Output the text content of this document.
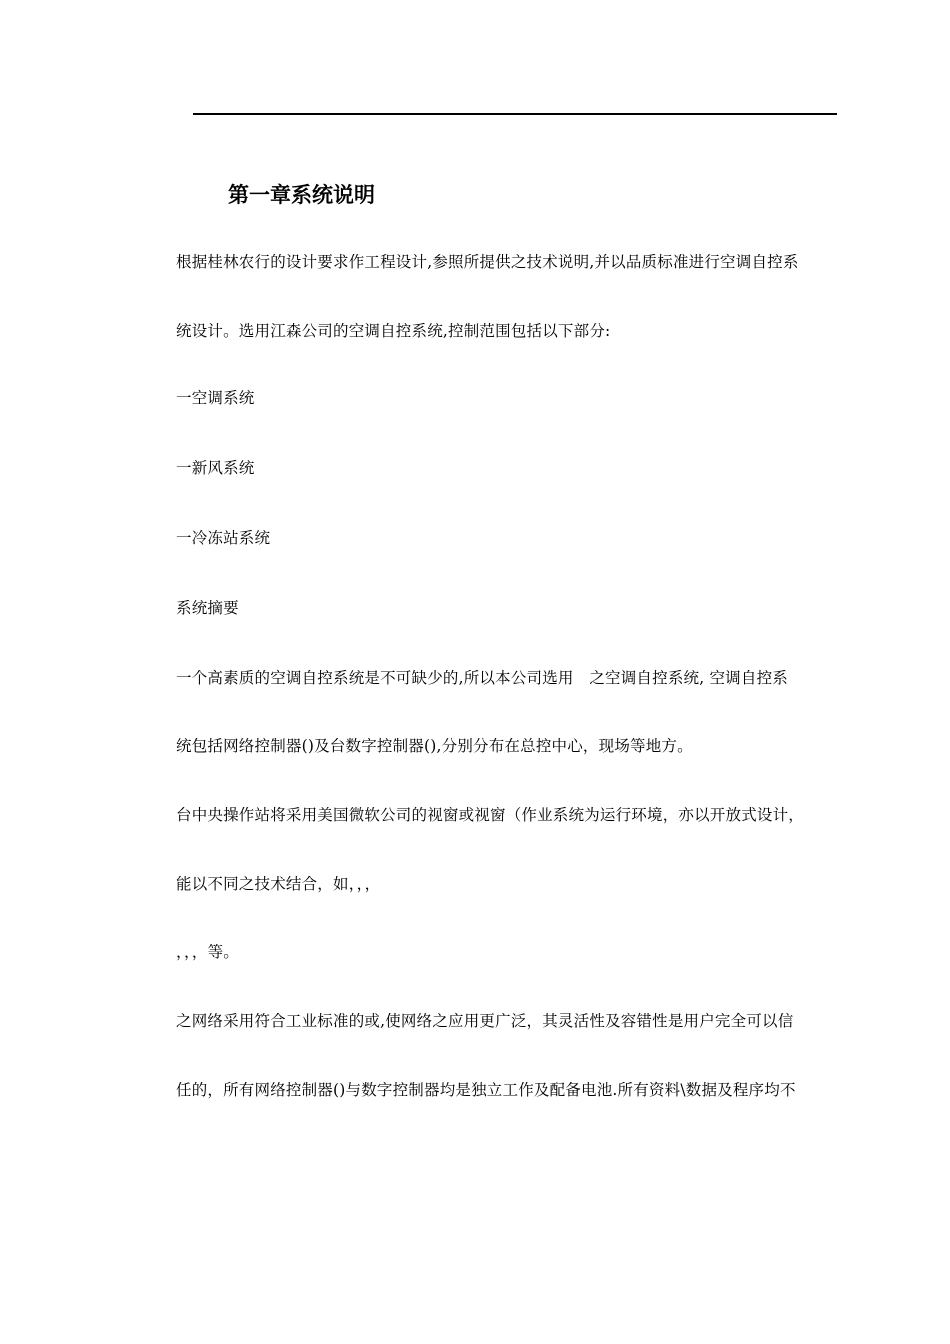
第一章系统说明
根据桂林农行的设计要求作工程设计,参照所提供之技术说明,并以品质标准进行空调自控系
统设计。选用江森公司的空调自控系统,控制范围包括以下部分:
一空调系统
一新风系统
一冷冻站系统
系统摘要
一个高素质的空调自控系统是不可缺少的,所以本公司选用　之空调自控系统, 空调自控系
统包括网络控制器()及台数字控制器(),分别分布在总控中心，现场等地方。
台中央操作站将采用美国微软公司的视窗或视窗（作业系统为运行环境，亦以开放式设计，
能以不同之技术结合，如，，，
，，，等。
之网络采用符合工业标准的或,使网络之应用更广泛，其灵活性及容错性是用户完全可以信
任的，所有网络控制器()与数字控制器均是独立工作及配备电池.所有资料\数据及程序均不
